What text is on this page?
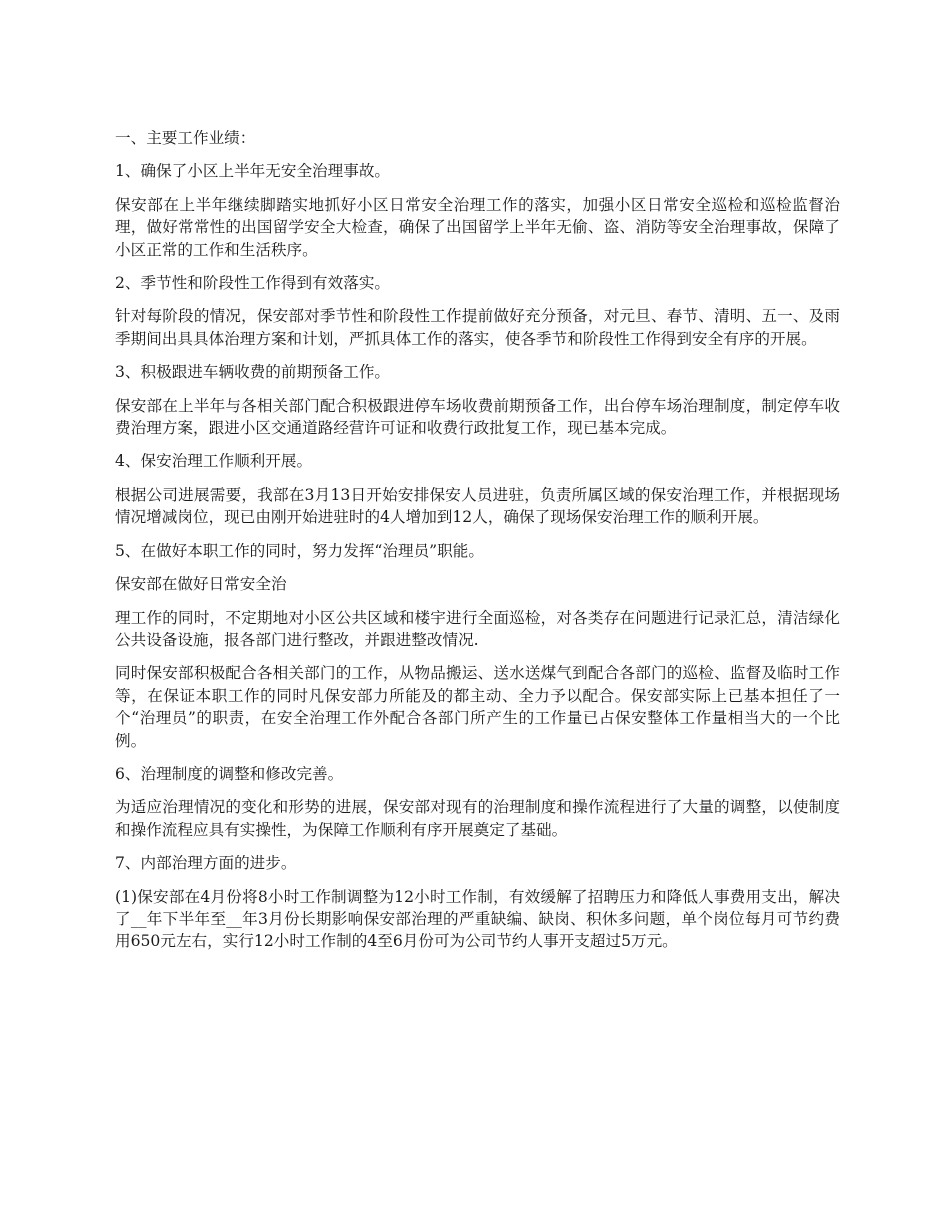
一、主要工作业绩：

1、确保了小区上半年无安全治理事故。

保安部在上半年继续脚踏实地抓好小区日常安全治理工作的落实，加强小区日常安全巡检和巡检监督治理，做好常常性的出国留学安全大检查，确保了出国留学上半年无偷、盗、消防等安全治理事故，保障了小区正常的工作和生活秩序。

2、季节性和阶段性工作得到有效落实。

针对每阶段的情况，保安部对季节性和阶段性工作提前做好充分预备，对元旦、春节、清明、五一、及雨季期间出具具体治理方案和计划，严抓具体工作的落实，使各季节和阶段性工作得到安全有序的开展。

3、积极跟进车辆收费的前期预备工作。

保安部在上半年与各相关部门配合积极跟进停车场收费前期预备工作，出台停车场治理制度，制定停车收费治理方案，跟进小区交通道路经营许可证和收费行政批复工作，现已基本完成。

4、保安治理工作顺利开展。

根据公司进展需要，我部在3月13日开始安排保安人员进驻，负责所属区域的保安治理工作，并根据现场情况增减岗位，现已由刚开始进驻时的4人增加到12人，确保了现场保安治理工作的顺利开展。

5、在做好本职工作的同时，努力发挥“治理员”职能。

保安部在做好日常安全治

理工作的同时，不定期地对小区公共区域和楼宇进行全面巡检，对各类存在问题进行记录汇总，清洁绿化公共设备设施，报各部门进行整改，并跟进整改情况.

同时保安部积极配合各相关部门的工作，从物品搬运、送水送煤气到配合各部门的巡检、监督及临时工作等，在保证本职工作的同时凡保安部力所能及的都主动、全力予以配合。保安部实际上已基本担任了一个“治理员”的职责，在安全治理工作外配合各部门所产生的工作量已占保安整体工作量相当大的一个比例。

6、治理制度的调整和修改完善。

为适应治理情况的变化和形势的进展，保安部对现有的治理制度和操作流程进行了大量的调整，以使制度和操作流程应具有实操性，为保障工作顺利有序开展奠定了基础。

7、内部治理方面的进步。

(1)保安部在4月份将8小时工作制调整为12小时工作制，有效缓解了招聘压力和降低人事费用支出，解决了__年下半年至__年3月份长期影响保安部治理的严重缺编、缺岗、积休多问题，单个岗位每月可节约费用650元左右，实行12小时工作制的4至6月份可为公司节约人事开支超过5万元。
